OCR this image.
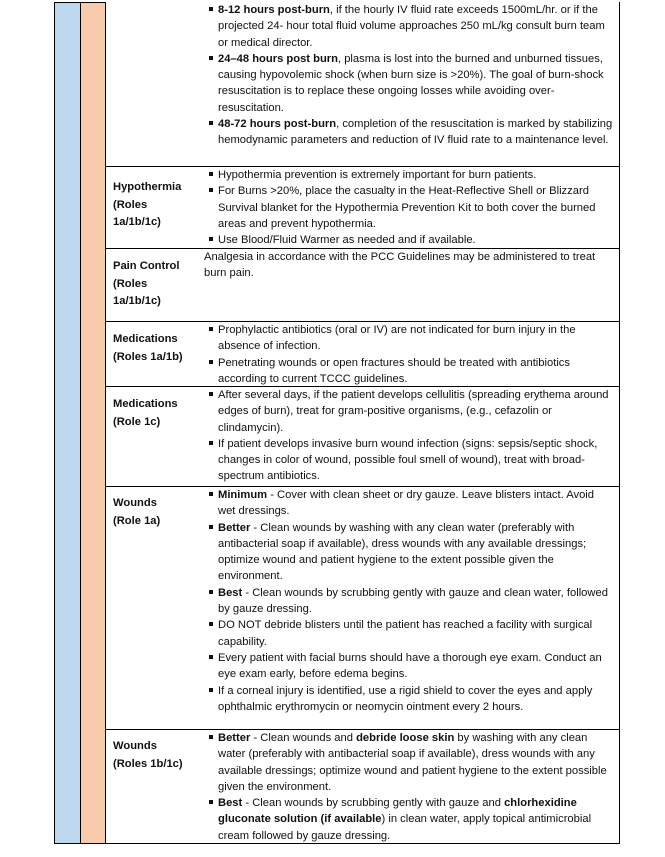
8-12 hours post-burn, if the hourly IV fluid rate exceeds 1500mL/hr. or if the projected 24- hour total fluid volume approaches 250 mL/kg consult burn team or medical director.
24–48 hours post burn, plasma is lost into the burned and unburned tissues, causing hypovolemic shock (when burn size is >20%). The goal of burn-shock resuscitation is to replace these ongoing losses while avoiding over-resuscitation.
48-72 hours post-burn, completion of the resuscitation is marked by stabilizing hemodynamic parameters and reduction of IV fluid rate to a maintenance level.
Hypothermia
(Roles
1a/1b/1c)
Hypothermia prevention is extremely important for burn patients.
For Burns >20%, place the casualty in the Heat-Reflective Shell or Blizzard Survival blanket for the Hypothermia Prevention Kit to both cover the burned areas and prevent hypothermia.
Use Blood/Fluid Warmer as needed and if available.
Pain Control
(Roles
1a/1b/1c)

Analgesia in accordance with the PCC Guidelines may be administered to treat burn pain.

Medications
(Roles 1a/1b)
Prophylactic antibiotics (oral or IV) are not indicated for burn injury in the absence of infection.
Penetrating wounds or open fractures should be treated with antibiotics according to current TCCC guidelines.
Medications
(Role 1c)
After several days, if the patient develops cellulitis (spreading erythema around edges of burn), treat for gram-positive organisms, (e.g., cefazolin or clindamycin).
If patient develops invasive burn wound infection (signs: sepsis/septic shock, changes in color of wound, possible foul smell of wound), treat with broad-spectrum antibiotics.
Wounds
(Role 1a)
Minimum - Cover with clean sheet or dry gauze. Leave blisters intact. Avoid wet dressings.
Better - Clean wounds by washing with any clean water (preferably with antibacterial soap if available), dress wounds with any available dressings; optimize wound and patient hygiene to the extent possible given the environment.
Best - Clean wounds by scrubbing gently with gauze and clean water, followed by gauze dressing.
DO NOT debride blisters until the patient has reached a facility with surgical capability.
Every patient with facial burns should have a thorough eye exam. Conduct an eye exam early, before edema begins.
If a corneal injury is identified, use a rigid shield to cover the eyes and apply ophthalmic erythromycin or neomycin ointment every 2 hours.
Wounds
(Roles 1b/1c)
Better - Clean wounds and debride loose skin by washing with any clean water (preferably with antibacterial soap if available), dress wounds with any available dressings; optimize wound and patient hygiene to the extent possible given the environment.
Best - Clean wounds by scrubbing gently with gauze and chlorhexidine gluconate solution (if available) in clean water, apply topical antimicrobial cream followed by gauze dressing.
